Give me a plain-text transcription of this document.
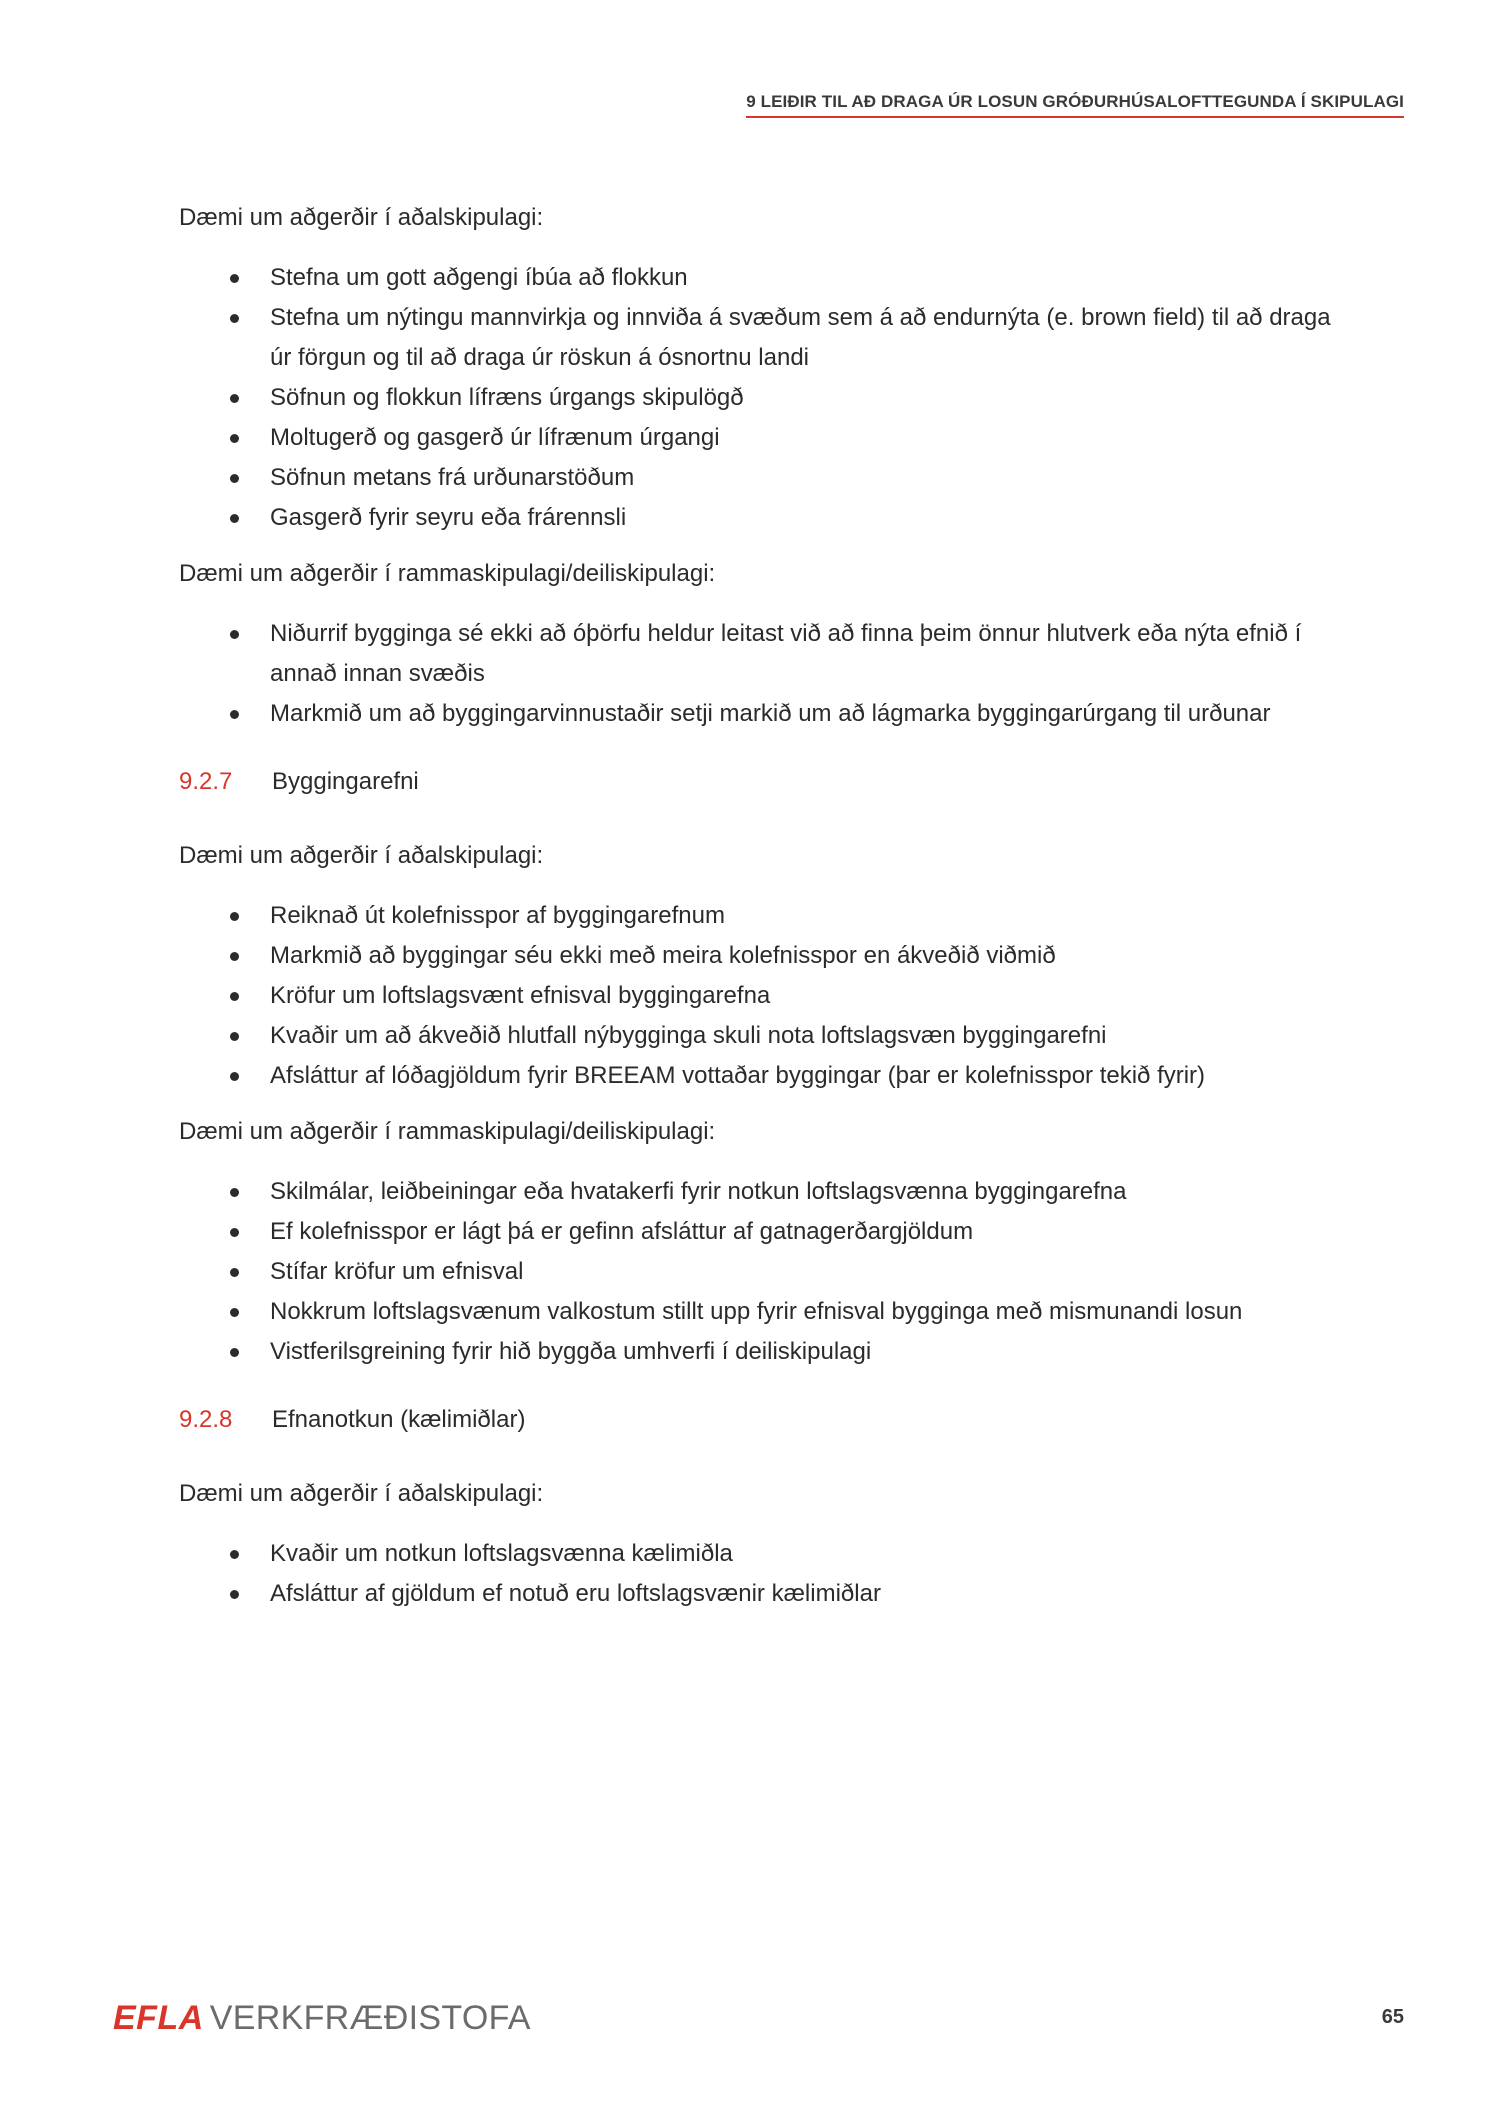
9 LEIÐIR TIL AÐ DRAGA ÚR LOSUN GRÓÐURHÚSALOFTTEGUNDA Í SKIPULAGI

Dæmi um aðgerðir í aðalskipulagi:

Stefna um gott aðgengi íbúa að flokkun
Stefna um nýtingu mannvirkja og innviða á svæðum sem á að endurnýta (e. brown field) til að draga úr förgun og til að draga úr röskun á ósnortnu landi
Söfnun og flokkun lífræns úrgangs skipulögð
Moltugerð og gasgerð úr lífrænum úrgangi
Söfnun metans frá urðunarstöðum
Gasgerð fyrir seyru eða frárennsli

Dæmi um aðgerðir í rammaskipulagi/deiliskipulagi:

Niðurrif bygginga sé ekki að óþörfu heldur leitast við að finna þeim önnur hlutverk eða nýta efnið í annað innan svæðis
Markmið um að byggingarvinnustaðir setji markið um að lágmarka byggingarúrgang til urðunar
9.2.7	Byggingarefni

Dæmi um aðgerðir í aðalskipulagi:

Reiknað út kolefnisspor af byggingarefnum
Markmið að byggingar séu ekki með meira kolefnisspor en ákveðið viðmið
Kröfur um loftslagsvænt efnisval byggingarefna
Kvaðir um að ákveðið hlutfall nýbygginga skuli nota loftslagsvæn byggingarefni
Afsláttur af lóðagjöldum fyrir BREEAM vottaðar byggingar (þar er kolefnisspor tekið fyrir)

Dæmi um aðgerðir í rammaskipulagi/deiliskipulagi:

Skilmálar, leiðbeiningar eða hvatakerfi fyrir notkun loftslagsvænna byggingarefna
Ef kolefnisspor er lágt þá er gefinn afsláttur af gatnagerðargjöldum
Stífar kröfur um efnisval
Nokkrum loftslagsvænum valkostum stillt upp fyrir efnisval bygginga með mismunandi losun
Vistferilsgreining fyrir hið byggða umhverfi í deiliskipulagi
9.2.8	Efnanotkun (kælimiðlar)

Dæmi um aðgerðir í aðalskipulagi:

Kvaðir um notkun loftslagsvænna kælimiðla
Afsláttur af gjöldum ef notuð eru loftslagsvænir kælimiðlar
EFLA VERKFRÆÐISTOFA	65
